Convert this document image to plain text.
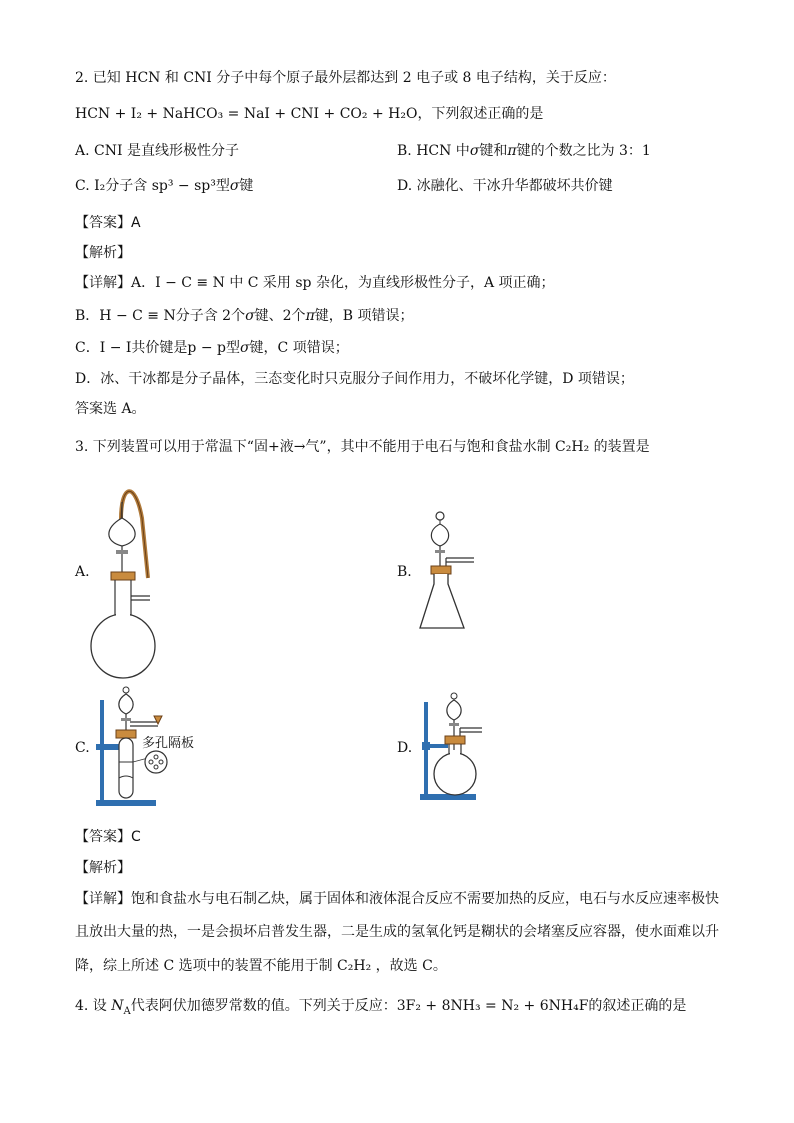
2. 已知 HCN 和 CNI 分子中每个原子最外层都达到 2 电子或 8 电子结构，关于反应：
HCN + I₂ + NaHCO₃ = NaI + CNI + CO₂ + H₂O，下列叙述正确的是
A. CNI 是直线形极性分子	B. HCN 中σ键和π键的个数之比为 3：1
C. I₂分子含 sp³ − sp³型σ键	D. 冰融化、干冰升华都破坏共价键
【答案】A
【解析】
【详解】A．I − C ≡ N 中 C 采用 sp 杂化，为直线形极性分子，A 项正确；
B．H − C ≡ N分子含 2个σ键、2个π键，B 项错误；
C．I − I共价键是p − p型σ键，C 项错误；
D．冰、干冰都是分子晶体，三态变化时只克服分子间作用力，不破坏化学键，D 项错误；
答案选 A。
3. 下列装置可以用于常温下“固+液→气”，其中不能用于电石与饱和食盐水制 C₂H₂ 的装置是
A.	B.
C.	多孔隔板	D.
【答案】C
【解析】
【详解】饱和食盐水与电石制乙炔，属于固体和液体混合反应不需要加热的反应，电石与水反应速率极快
且放出大量的热，一是会损坏启普发生器，二是生成的氢氧化钙是糊状的会堵塞反应容器，使水面难以升
降，综上所述 C 选项中的装置不能用于制 C₂H₂ ，故选 C。
4. 设 $N_A$代表阿伏加德罗常数的值。下列关于反应：3F₂ + 8NH₃ = N₂ + 6NH₄F的叙述正确的是
